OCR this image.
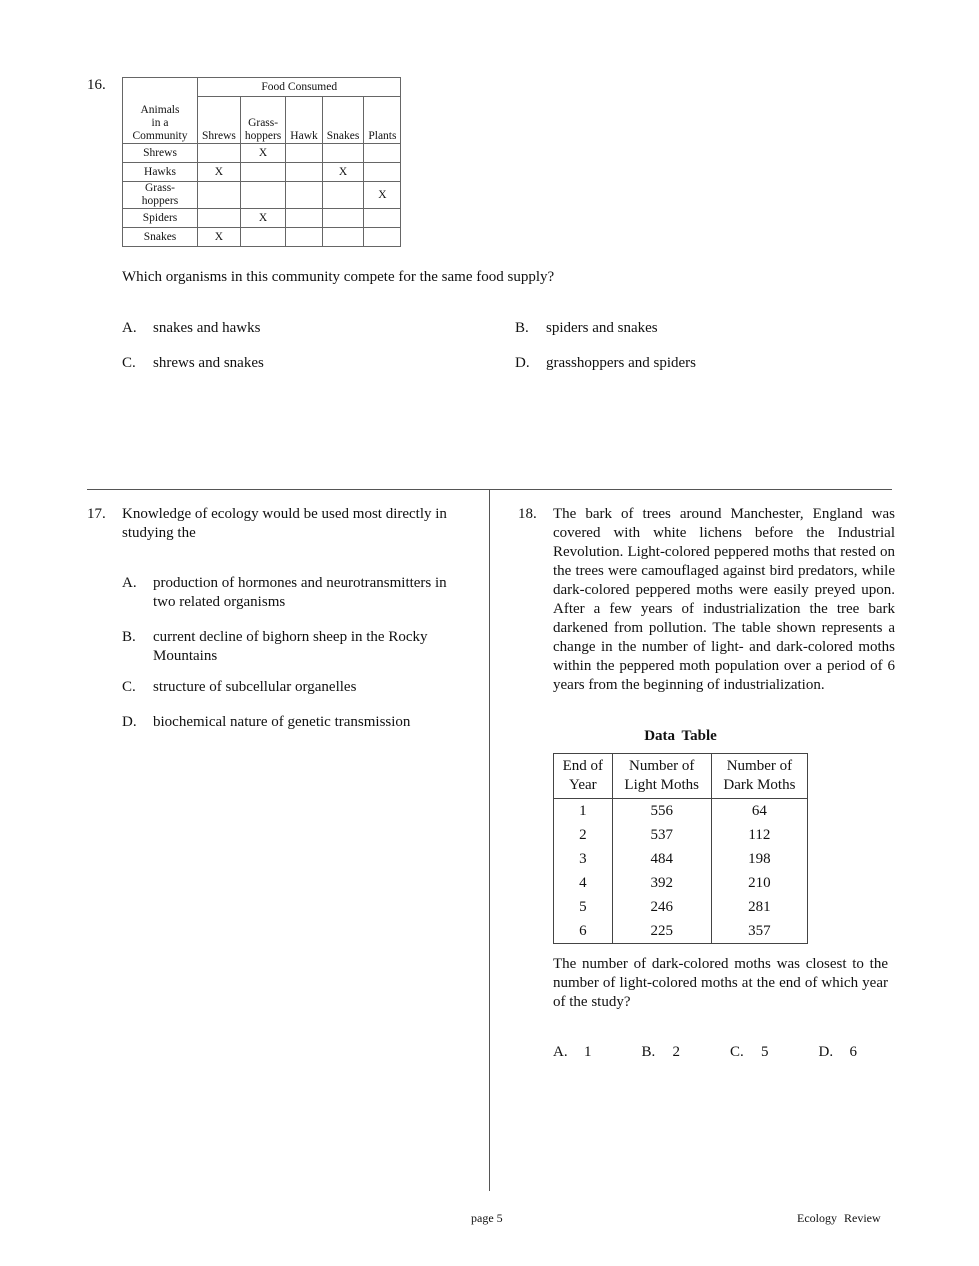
16.
Animals
in a
Community	Food Consumed				
	Shrews	Grass-
hoppers	Hawk	Snakes	Plants
Shrews		X			
Hawks	X			X	
Grass-
hoppers					X
Spiders		X			
Snakes	X				
Which organisms in this community compete for the same food supply?
A. snakes and hawks	B. spiders and snakes
C. shrews and snakes	D. grasshoppers and spiders
17. Knowledge of ecology would be used most directly in studying the
A. production of hormones and neurotransmitters in two related organisms
B. current decline of bighorn sheep in the Rocky Mountains
C. structure of subcellular organelles
D. biochemical nature of genetic transmission
18. The bark of trees around Manchester, England was covered with white lichens before the Industrial Revolution. Light-colored peppered moths that rested on the trees were camouflaged against bird predators, while dark-colored peppered moths were easily preyed upon. After a few years of industrialization the tree bark darkened from pollution. The table shown represents a change in the number of light- and dark-colored moths within the peppered moth population over a period of 6 years from the beginning of industrialization.
Data Table
End of
Year	Number of
Light Moths	Number of
Dark Moths
1	556	64
2	537	112
3	484	198
4	392	210
5	246	281
6	225	357
The number of dark-colored moths was closest to the number of light-colored moths at the end of which year of the study?
A. 1	B. 2	C. 5	D. 6
page 5	Ecology Review
